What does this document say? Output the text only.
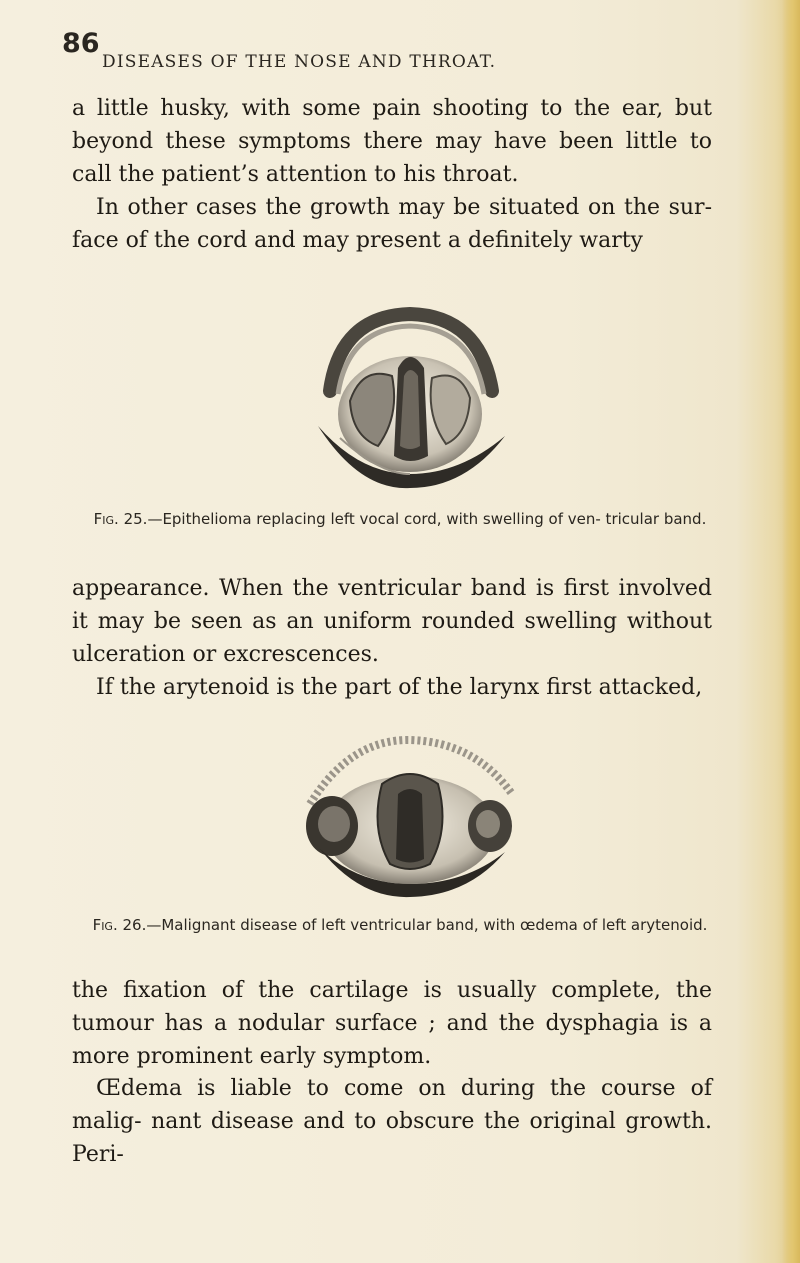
86
DISEASES OF THE NOSE AND THROAT.

a little husky, with some pain shooting to the ear, but beyond these symptoms there may have been little to call the patient’s attention to his throat.

In other cases the growth may be situated on the sur- face of the cord and may present a definitely warty

Fig. 25.—Epithelioma replacing left vocal cord, with swelling of ven- tricular band.

appearance. When the ventricular band is first involved it may be seen as an uniform rounded swelling without ulceration or excrescences.

If the arytenoid is the part of the larynx first attacked,

Fig. 26.—Malignant disease of left ventricular band, with œdema of left arytenoid.

the fixation of the cartilage is usually complete, the tumour has a nodular surface ; and the dysphagia is a more prominent early symptom.

Œdema is liable to come on during the course of malig- nant disease and to obscure the original growth. Peri-
